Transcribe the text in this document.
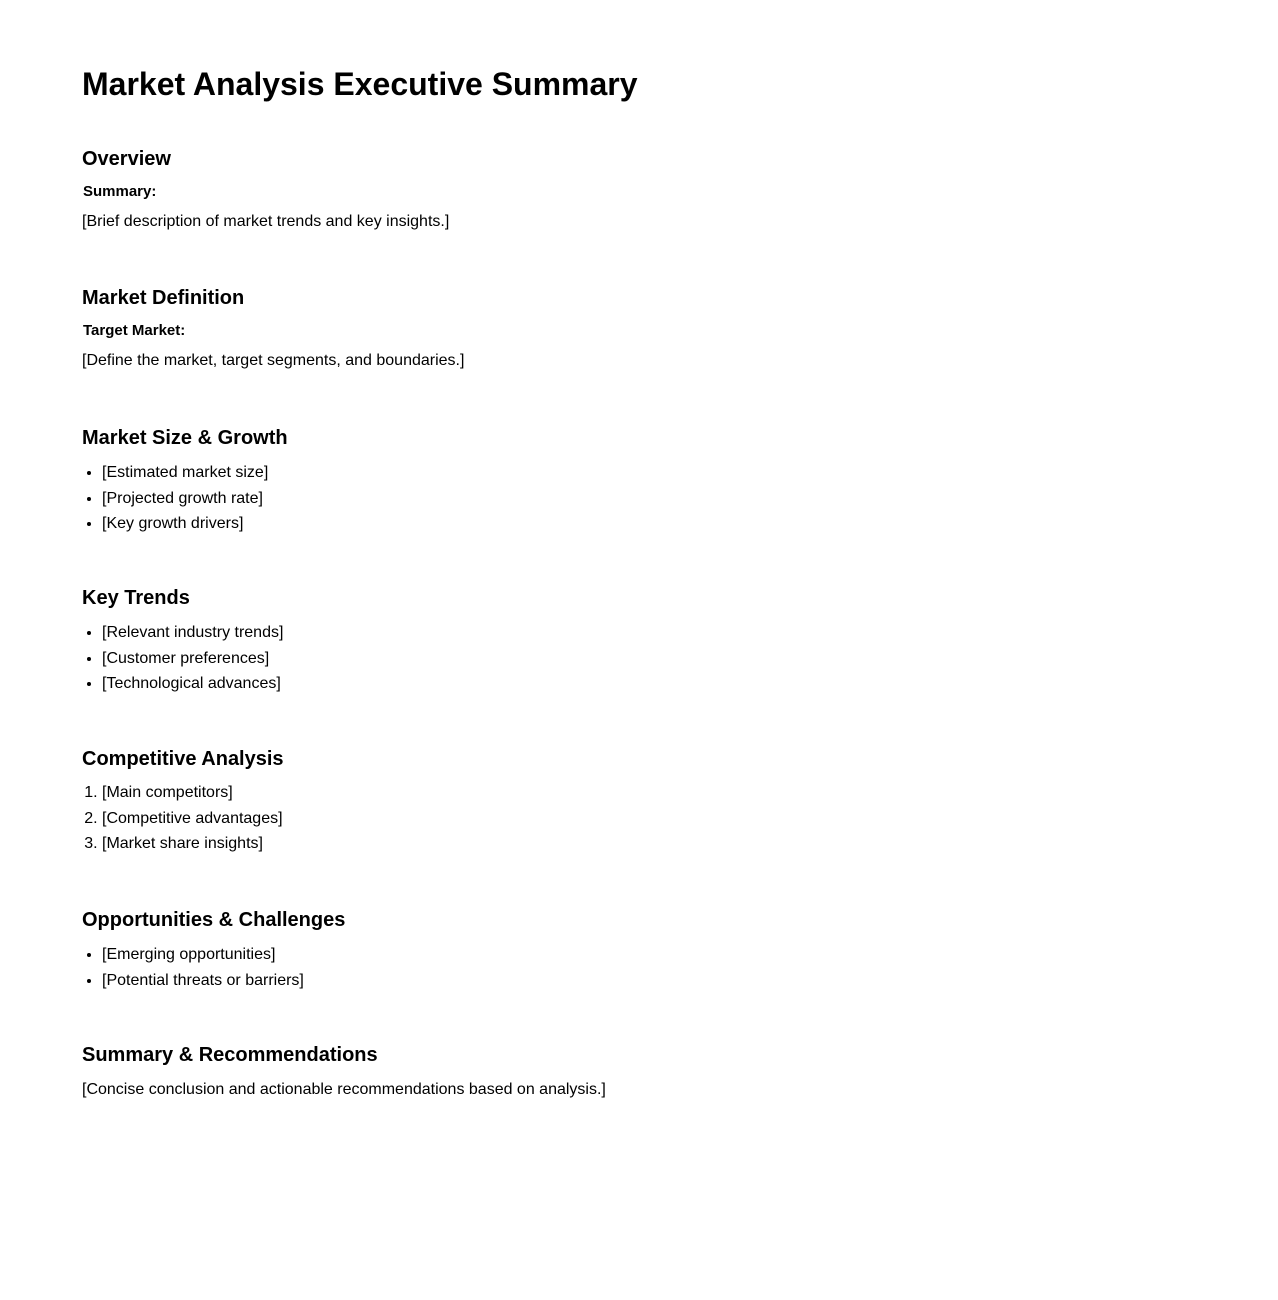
Market Analysis Executive Summary
Overview

Summary:

[Brief description of market trends and key insights.]

Market Definition

Target Market:

[Define the market, target segments, and boundaries.]

Market Size & Growth
• [Estimated market size]
• [Projected growth rate]
• [Key growth drivers]
Key Trends
• [Relevant industry trends]
• [Customer preferences]
• [Technological advances]
Competitive Analysis
1. [Main competitors]
2. [Competitive advantages]
3. [Market share insights]
Opportunities & Challenges
• [Emerging opportunities]
• [Potential threats or barriers]
Summary & Recommendations

[Concise conclusion and actionable recommendations based on analysis.]
